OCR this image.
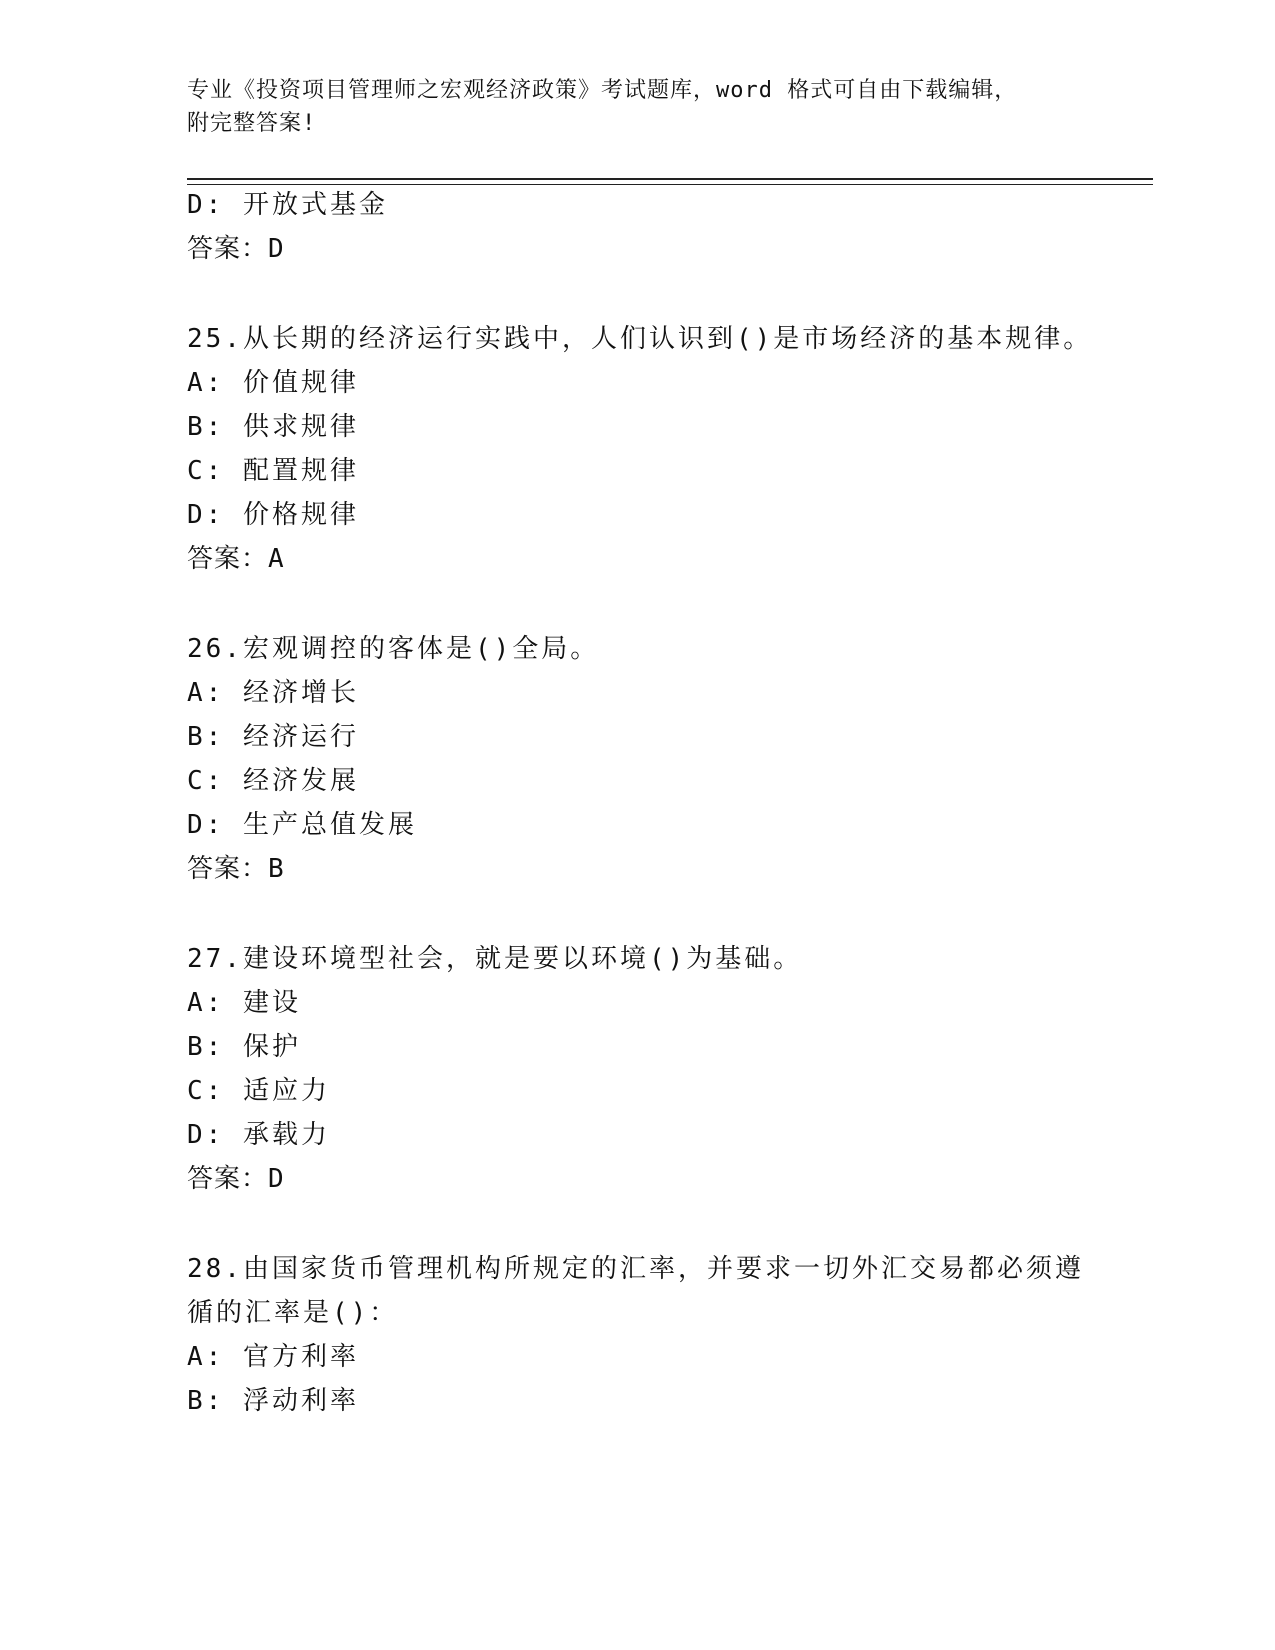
专业《投资项目管理师之宏观经济政策》考试题库，word 格式可自由下载编辑，
附完整答案!
D: 开放式基金
答案：D
25.从长期的经济运行实践中，人们认识到()是市场经济的基本规律。
A: 价值规律
B: 供求规律
C: 配置规律
D: 价格规律
答案：A
26.宏观调控的客体是()全局。
A: 经济增长
B: 经济运行
C: 经济发展
D: 生产总值发展
答案：B
27.建设环境型社会，就是要以环境()为基础。
A: 建设
B: 保护
C: 适应力
D: 承载力
答案：D
28.由国家货币管理机构所规定的汇率，并要求一切外汇交易都必须遵
循的汇率是()：
A: 官方利率
B: 浮动利率
